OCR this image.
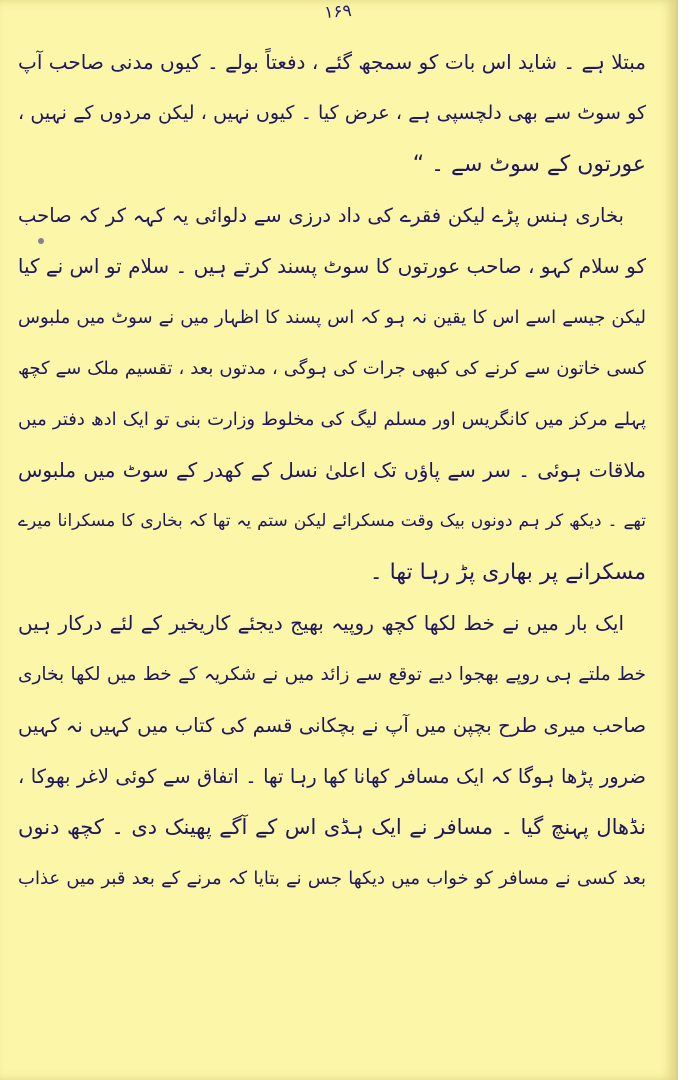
۱۶۹
مبتلا ہے ۔ شاید اس بات کو سمجھ گئے ، دفعتاً بولے ۔ کیوں مدنی صاحب آپ
کو سوٹ سے بھی دلچسپی ہے ، عرض کیا ۔ کیوں نہیں ، لیکن مردوں کے نہیں ،
عورتوں کے سوٹ سے ۔ “
بخاری ہنس پڑے لیکن فقرے کی داد درزی سے دلوائی یہ کہہ کر کہ صاحب
کو سلام کہو ، صاحب عورتوں کا سوٹ پسند کرتے ہیں ۔ سلام تو اس نے کیا
لیکن جیسے اسے اس کا یقین نہ ہو کہ اس پسند کا اظہار میں نے سوٹ میں ملبوس
کسی خاتون سے کرنے کی کبھی جرات کی ہوگی ، مدتوں بعد ، تقسیم ملک سے کچھ
پہلے مرکز میں کانگریس اور مسلم لیگ کی مخلوط وزارت بنی تو ایک ادھ دفتر میں
ملاقات ہوئی ۔ سر سے پاؤں تک اعلیٰ نسل کے کھدر کے سوٹ میں ملبوس
تھے ۔ دیکھ کر ہم دونوں بیک وقت مسکرائے لیکن ستم یہ تھا کہ بخاری کا مسکرانا میرے
مسکرانے پر بھاری پڑ رہا تھا ۔
ایک بار میں نے خط لکھا کچھ روپیہ بھیج دیجئے کاریخیر کے لئے درکار ہیں
خط ملتے ہی روپے بھجوا دیے توقع سے زائد میں نے شکریہ کے خط میں لکھا بخاری
صاحب میری طرح بچپن میں آپ نے بچکانی قسم کی کتاب میں کہیں نہ کہیں
ضرور پڑھا ہوگا کہ ایک مسافر کھانا کھا رہا تھا ۔ اتفاق سے کوئی لاغر بھوکا ،
نڈھال پہنچ گیا ۔ مسافر نے ایک ہڈی اس کے آگے پھینک دی ۔ کچھ دنوں
بعد کسی نے مسافر کو خواب میں دیکھا جس نے بتایا کہ مرنے کے بعد قبر میں عذاب
